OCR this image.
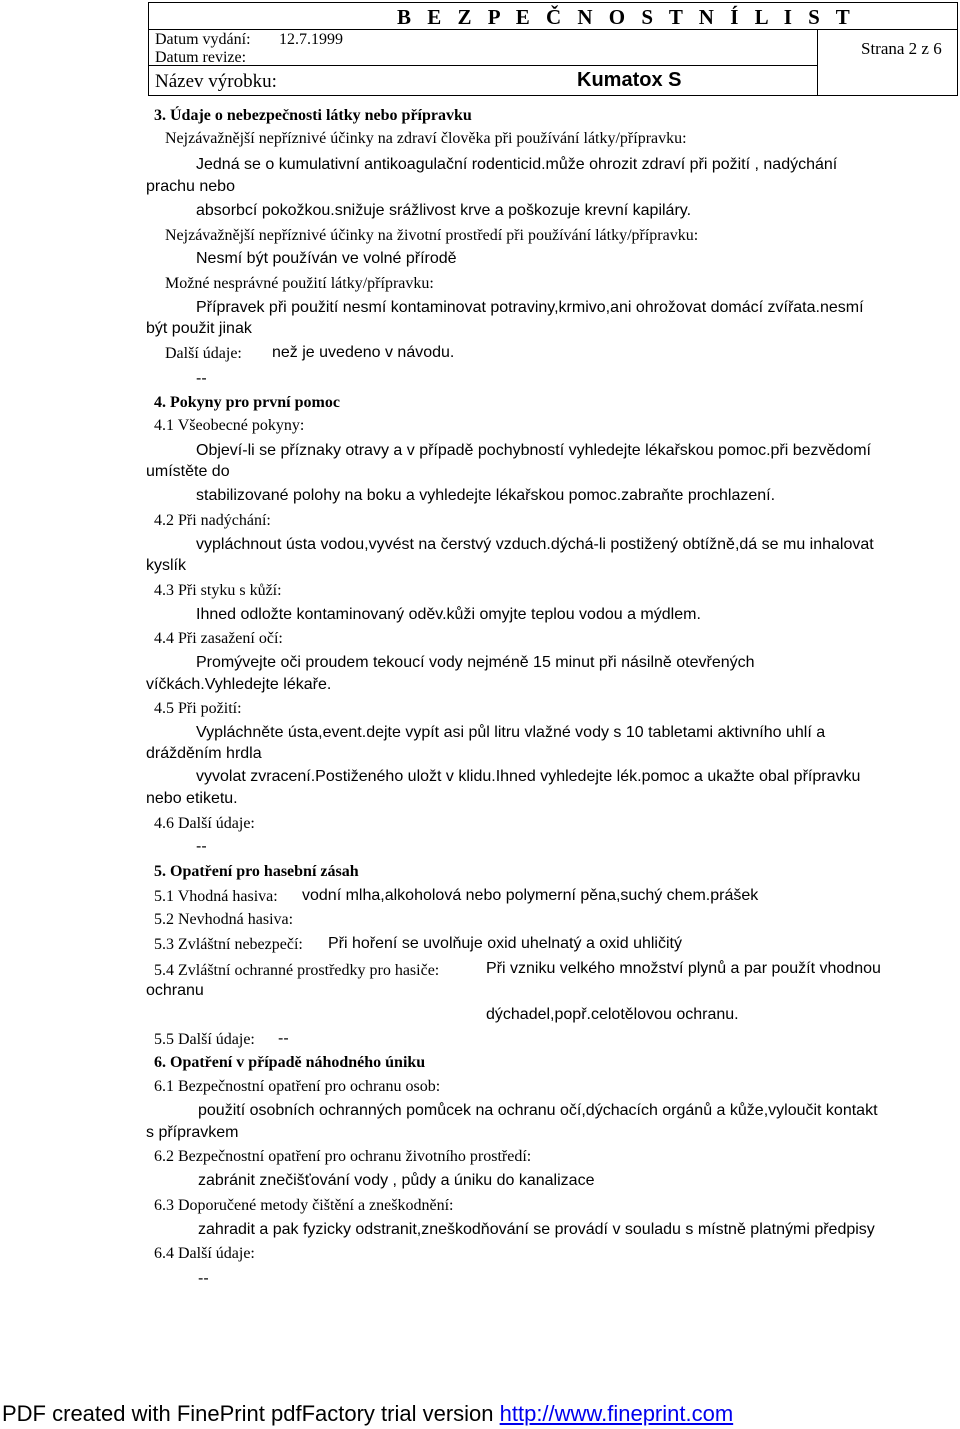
B E Z P E Č N O S T N Í L I S T
Datum vydání: 12.7.1999
Datum revize:
Název výrobku:	Kumatox S
Strana 2 z 6
3. Údaje o nebezpečnosti látky nebo přípravku
Nejzávažnější nepříznivé účinky na zdraví člověka při používání látky/přípravku:
Jedná se o kumulativní antikoagulační rodenticid.může ohrozit zdraví při požití , nadýchání
prachu nebo
absorbcí pokožkou.snižuje srážlivost krve a poškozuje krevní kapiláry.
Nejzávažnější nepříznivé účinky na životní prostředí při používání látky/přípravku:
Nesmí být používán ve volné přírodě
Možné nesprávné použití látky/přípravku:
Přípravek při použití nesmí kontaminovat potraviny,krmivo,ani ohrožovat domácí zvířata.nesmí
být použit jinak
Další údaje: než je uvedeno v návodu.
--
4. Pokyny pro první pomoc
4.1 Všeobecné pokyny:
Objeví-li se příznaky otravy a v případě pochybností vyhledejte lékařskou pomoc.při bezvědomí
umístěte do
stabilizované polohy na boku a vyhledejte lékařskou pomoc.zabraňte prochlazení.
4.2 Při nadýchání:
vypláchnout ústa vodou,vyvést na čerstvý vzduch.dýchá-li postižený obtížně,dá se mu inhalovat
kyslík
4.3 Při styku s kůží:
Ihned odložte kontaminovaný oděv.kůži omyjte teplou vodou a mýdlem.
4.4 Při zasažení očí:
Promývejte oči proudem tekoucí vody nejméně 15 minut při násilně otevřených
víčkách.Vyhledejte lékaře.
4.5 Při požití:
Vypláchněte ústa,event.dejte vypít asi půl litru vlažné vody s 10 tabletami aktivního uhlí a
drážděním hrdla
vyvolat zvracení.Postiženého uložt v klidu.Ihned vyhledejte lék.pomoc a ukažte obal přípravku
nebo etiketu.
4.6 Další údaje:
--
5. Opatření pro hasební zásah
5.1 Vhodná hasiva: vodní mlha,alkoholová nebo polymerní pěna,suchý chem.prášek
5.2 Nevhodná hasiva:
5.3 Zvláštní nebezpečí: Při hoření se uvolňuje oxid uhelnatý a oxid uhličitý
5.4 Zvláštní ochranné prostředky pro hasiče:	Při vzniku velkého množství plynů a par použít vhodnou
ochranu
dýchadel,popř.celotělovou ochranu.
5.5 Další údaje: --
6. Opatření v případě náhodného úniku
6.1 Bezpečnostní opatření pro ochranu osob:
použití osobních ochranných pomůcek na ochranu očí,dýchacích orgánů a kůže,vyloučit kontakt
s přípravkem
6.2 Bezpečnostní opatření pro ochranu životního prostředí:
zabránit znečišťování vody , půdy a úniku do kanalizace
6.3 Doporučené metody čištění a zneškodnění:
zahradit a pak fyzicky odstranit,zneškodňování se provádí v souladu s místně platnými předpisy
6.4 Další údaje:
--
PDF created with FinePrint pdfFactory trial version http://www.fineprint.com
